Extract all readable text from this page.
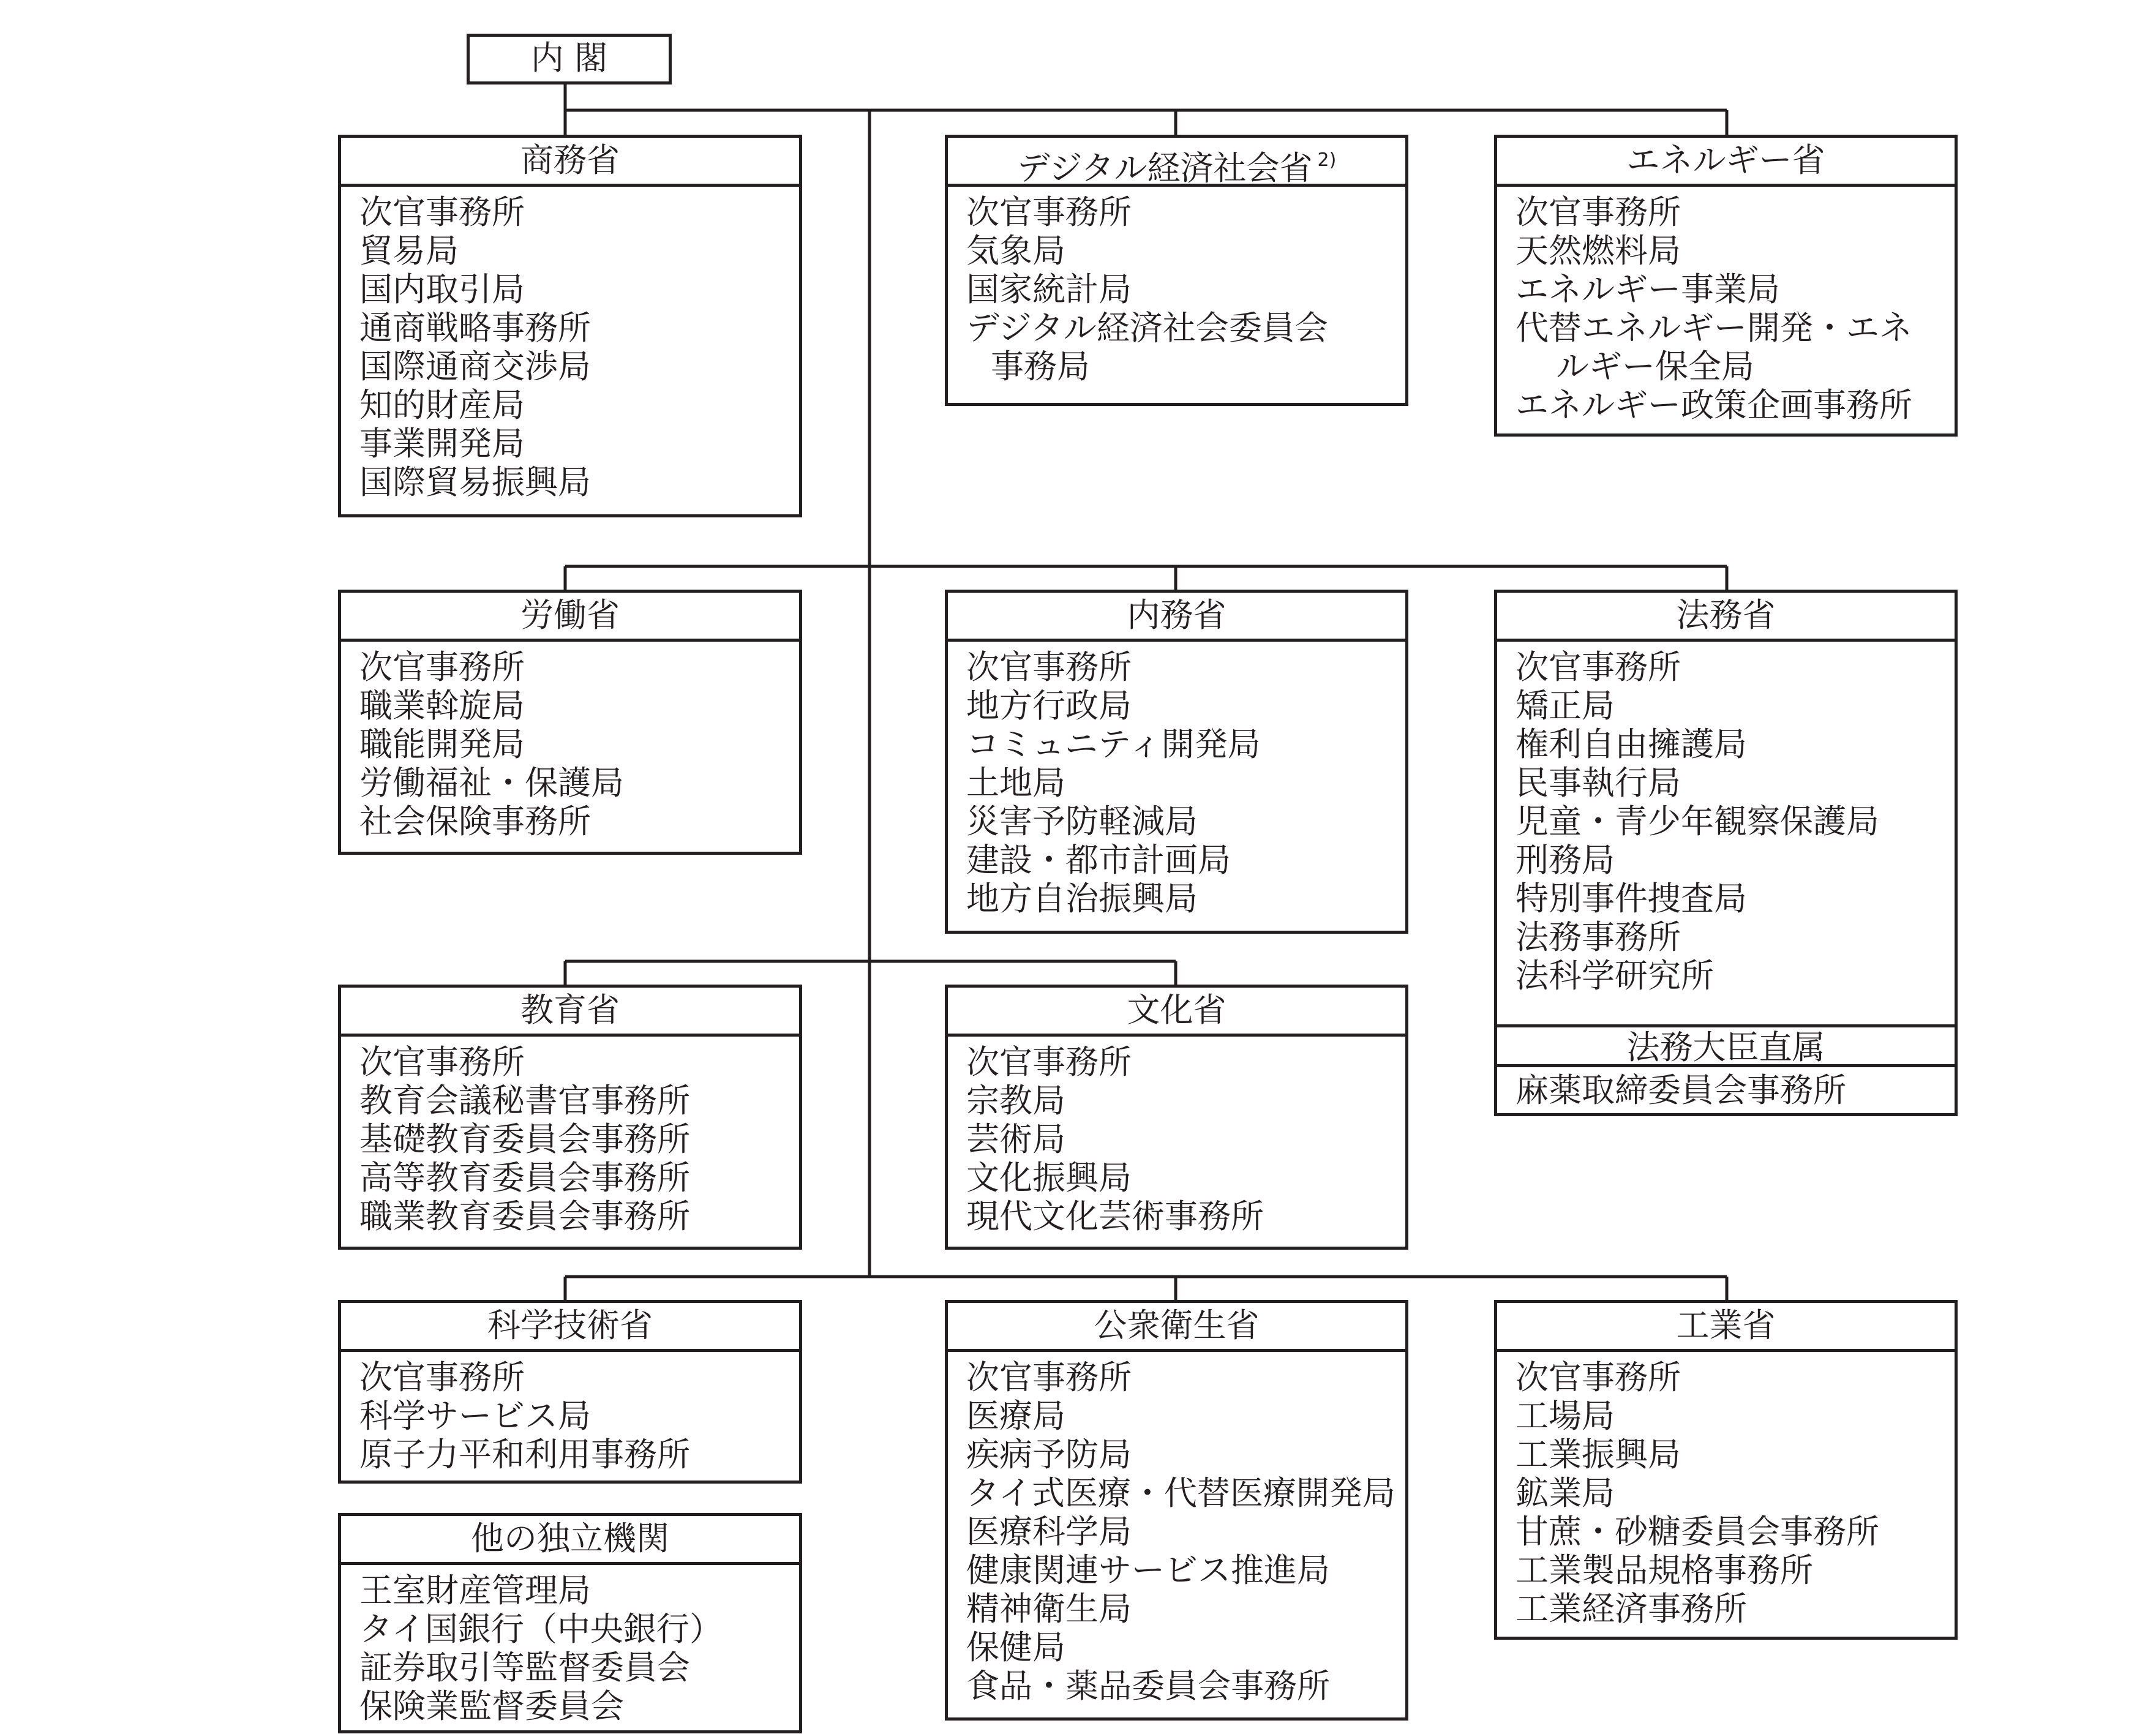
内 閣
商務省
次官事務所
貿易局
国内取引局
通商戦略事務所
国際通商交渉局
知的財産局
事業開発局
国際貿易振興局
デジタル経済社会省 $^{2)}$
次官事務所
気象局
国家統計局
デジタル経済社会委員会
事務局
エネルギー省
次官事務所
天然燃料局
エネルギー事業局
代替エネルギー開発・エネ
ルギー保全局
エネルギー政策企画事務所
労働省
次官事務所
職業斡旋局
職能開発局
労働福祉・保護局
社会保険事務所
内務省
次官事務所
地方行政局
コミュニティ開発局
土地局
災害予防軽減局
建設・都市計画局
地方自治振興局
法務省
次官事務所
矯正局
権利自由擁護局
民事執行局
児童・青少年観察保護局
刑務局
特別事件捜査局
法務事務所
法科学研究所
法務大臣直属
麻薬取締委員会事務所
教育省
次官事務所
教育会議秘書官事務所
基礎教育委員会事務所
高等教育委員会事務所
職業教育委員会事務所
文化省
次官事務所
宗教局
芸術局
文化振興局
現代文化芸術事務所
科学技術省
次官事務所
科学サービス局
原子力平和利用事務所
公衆衛生省
次官事務所
医療局
疾病予防局
タイ式医療・代替医療開発局
医療科学局
健康関連サービス推進局
精神衛生局
保健局
食品・薬品委員会事務所
工業省
次官事務所
工場局
工業振興局
鉱業局
甘蔗・砂糖委員会事務所
工業製品規格事務所
工業経済事務所
他の独立機関
王室財産管理局
タイ国銀行（中央銀行）
証券取引等監督委員会
保険業監督委員会
